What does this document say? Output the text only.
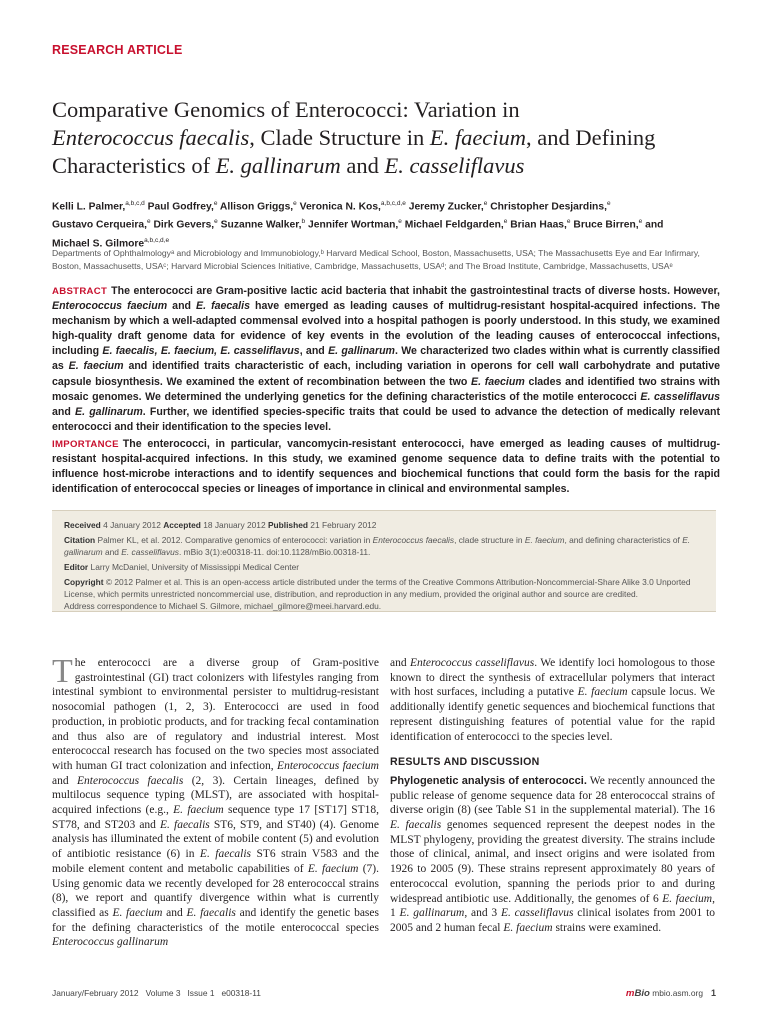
RESEARCH ARTICLE
Comparative Genomics of Enterococci: Variation in
Enterococcus faecalis, Clade Structure in E. faecium, and Defining
Characteristics of E. gallinarum and E. casseliflavus
Kelli L. Palmer,$^{a,b,c,d}$ Paul Godfrey,$^e$ Allison Griggs,$^e$ Veronica N. Kos,$^{a,b,c,d,e}$ Jeremy Zucker,$^e$ Christopher Desjardins,$^e$
Gustavo Cerqueira,$^e$ Dirk Gevers,$^e$ Suzanne Walker,$^b$ Jennifer Wortman,$^e$ Michael Feldgarden,$^e$ Brian Haas,$^e$ Bruce Birren,$^e$ and
Michael S. Gilmore$^{a,b,c,d,e}$
Departments of Ophthalmologyᵃ and Microbiology and Immunobiology,ᵇ Harvard Medical School, Boston, Massachusetts, USA; The Massachusetts Eye and Ear Infirmary,
Boston, Massachusetts, USAᶜ; Harvard Microbial Sciences Initiative, Cambridge, Massachusetts, USAᵈ; and The Broad Institute, Cambridge, Massachusetts, USAᵉ
ABSTRACT The enterococci are Gram-positive lactic acid bacteria that inhabit the gastrointestinal tracts of diverse hosts. However, Enterococcus faecium and E. faecalis have emerged as leading causes of multidrug-resistant hospital-acquired infections. The mechanism by which a well-adapted commensal evolved into a hospital pathogen is poorly understood. In this study, we examined high-quality draft genome data for evidence of key events in the evolution of the leading causes of enterococcal infections, including E. faecalis, E. faecium, E. casseliflavus, and E. gallinarum. We characterized two clades within what is currently classified as E. faecium and identified traits characteristic of each, including variation in operons for cell wall carbohydrate and putative capsule biosynthesis. We examined the extent of recombination between the two E. faecium clades and identified two strains with mosaic genomes. We determined the underlying genetics for the defining characteristics of the motile enterococci E. casseliflavus and E. gallinarum. Further, we identified species-specific traits that could be used to advance the detection of medically relevant enterococci and their identification to the species level.
IMPORTANCE The enterococci, in particular, vancomycin-resistant enterococci, have emerged as leading causes of multidrug-resistant hospital-acquired infections. In this study, we examined genome sequence data to define traits with the potential to influence host-microbe interactions and to identify sequences and biochemical functions that could form the basis for the rapid identification of enterococcal species or lineages of importance in clinical and environmental samples.

Received 4 January 2012 Accepted 18 January 2012 Published 21 February 2012

Citation Palmer KL, et al. 2012. Comparative genomics of enterococci: variation in Enterococcus faecalis, clade structure in E. faecium, and defining characteristics of E. gallinarum and E. casseliflavus. mBio 3(1):e00318-11. doi:10.1128/mBio.00318-11.

Editor Larry McDaniel, University of Mississippi Medical Center

Copyright © 2012 Palmer et al. This is an open-access article distributed under the terms of the Creative Commons Attribution-Noncommercial-Share Alike 3.0 Unported License, which permits unrestricted noncommercial use, distribution, and reproduction in any medium, provided the original author and source are credited.

Address correspondence to Michael S. Gilmore, michael_gilmore@meei.harvard.edu.

The enterococci are a diverse group of Gram-positive gastrointestinal (GI) tract colonizers with lifestyles ranging from intestinal symbiont to environmental persister to multidrug-resistant nosocomial pathogen (1, 2, 3). Enterococci are used in food production, in probiotic products, and for tracking fecal contamination and thus also are of regulatory and industrial interest. Most enterococcal research has focused on the two species most associated with human GI tract colonization and infection, Enterococcus faecium and Enterococcus faecalis (2, 3). Certain lineages, defined by multilocus sequence typing (MLST), are associated with hospital-acquired infections (e.g., E. faecium sequence type 17 [ST17] ST18, ST78, and ST203 and E. faecalis ST6, ST9, and ST40) (4). Genome analysis has illuminated the extent of mobile content (5) and evolution of antibiotic resistance (6) in E. faecalis ST6 strain V583 and the mobile element content and metabolic capabilities of E. faecium (7). Using genomic data we recently developed for 28 enterococcal strains (8), we report and quantify divergence within what is currently classified as E. faecium and E. faecalis and identify the genetic bases for the defining characteristics of the motile enterococcal species Enterococcus gallinarum
and Enterococcus casseliflavus. We identify loci homologous to those known to direct the synthesis of extracellular polymers that interact with host surfaces, including a putative E. faecium capsule locus. We additionally identify genetic sequences and biochemical functions that represent distinguishing features of potential value for the rapid identification of enterococci to the species level.
RESULTS AND DISCUSSION
Phylogenetic analysis of enterococci. We recently announced the public release of genome sequence data for 28 enterococcal strains of diverse origin (8) (see Table S1 in the supplemental material). The 16 E. faecalis genomes sequenced represent the deepest nodes in the MLST phylogeny, providing the greatest diversity. The strains include those of clinical, animal, and insect origins and were isolated from 1926 to 2005 (9). These strains represent approximately 80 years of enterococcal evolution, spanning the periods prior to and during widespread antibiotic use. Additionally, the genomes of 6 E. faecium, 1 E. gallinarum, and 3 E. casseliflavus clinical isolates from 2001 to 2005 and 2 human fecal E. faecium strains were examined.
January/February 2012   Volume 3   Issue 1   e00318-11	mBio mbio.asm.org 1
